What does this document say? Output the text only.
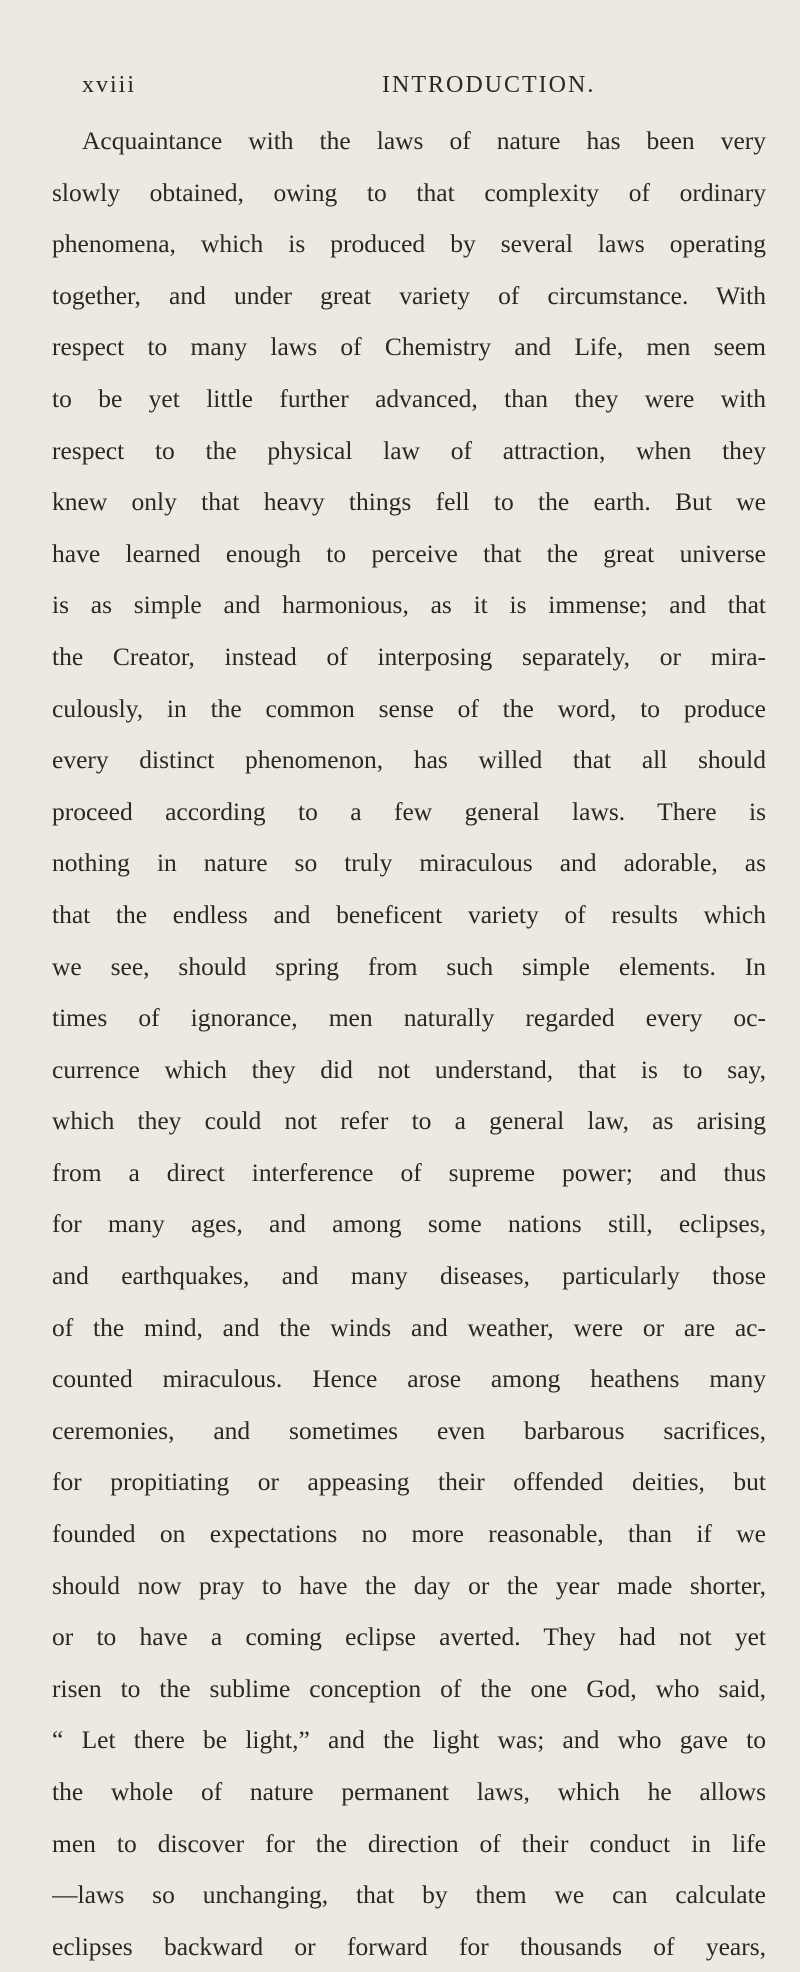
xviii	INTRODUCTION.
Acquaintance with the laws of nature has been very
slowly obtained, owing to that complexity of ordinary
phenomena, which is produced by several laws operating
together, and under great variety of circumstance. With
respect to many laws of Chemistry and Life, men seem
to be yet little further advanced, than they were with
respect to the physical law of attraction, when they
knew only that heavy things fell to the earth. But we
have learned enough to perceive that the great universe
is as simple and harmonious, as it is immense; and that
the Creator, instead of interposing separately, or mira-
culously, in the common sense of the word, to produce
every distinct phenomenon, has willed that all should
proceed according to a few general laws. There is
nothing in nature so truly miraculous and adorable, as
that the endless and beneficent variety of results which
we see, should spring from such simple elements. In
times of ignorance, men naturally regarded every oc-
currence which they did not understand, that is to say,
which they could not refer to a general law, as arising
from a direct interference of supreme power; and thus
for many ages, and among some nations still, eclipses,
and earthquakes, and many diseases, particularly those
of the mind, and the winds and weather, were or are ac-
counted miraculous. Hence arose among heathens many
ceremonies, and sometimes even barbarous sacrifices,
for propitiating or appeasing their offended deities, but
founded on expectations no more reasonable, than if we
should now pray to have the day or the year made shorter,
or to have a coming eclipse averted. They had not yet
risen to the sublime conception of the one God, who said,
“ Let there be light,” and the light was; and who gave to
the whole of nature permanent laws, which he allows
men to discover for the direction of their conduct in life
—laws so unchanging, that by them we can calculate
eclipses backward or forward for thousands of years,
